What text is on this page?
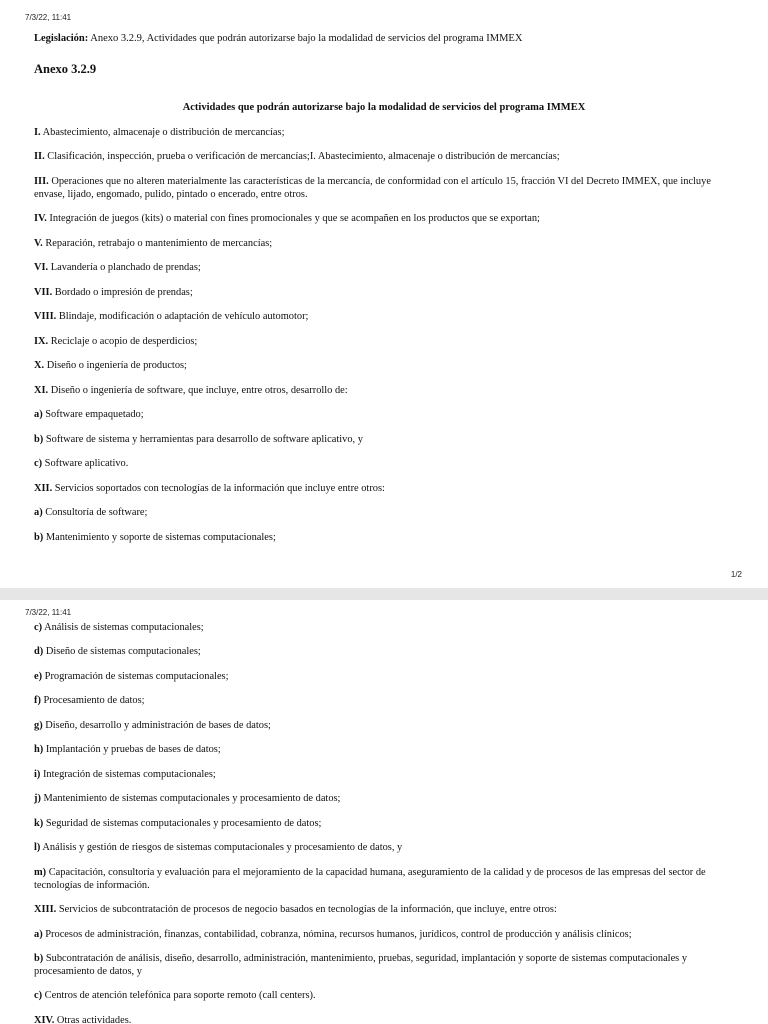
7/3/22, 11:41
Legislación: Anexo 3.2.9, Actividades que podrán autorizarse bajo la modalidad de servicios del programa IMMEX
Anexo 3.2.9
Actividades que podrán autorizarse bajo la modalidad de servicios del programa IMMEX

I. Abastecimiento, almacenaje o distribución de mercancías;

II. Clasificación, inspección, prueba o verificación de mercancías;I. Abastecimiento, almacenaje o distribución de mercancías;

III. Operaciones que no alteren materialmente las características de la mercancía, de conformidad con el artículo 15, fracción VI del Decreto IMMEX, que incluye envase, lijado, engomado, pulido, pintado o encerado, entre otros.

IV. Integración de juegos (kits) o material con fines promocionales y que se acompañen en los productos que se exportan;

V. Reparación, retrabajo o mantenimiento de mercancías;

VI. Lavandería o planchado de prendas;

VII. Bordado o impresión de prendas;

VIII. Blindaje, modificación o adaptación de vehículo automotor;

IX. Reciclaje o acopio de desperdicios;

X. Diseño o ingeniería de productos;

XI. Diseño o ingeniería de software, que incluye, entre otros, desarrollo de:

a) Software empaquetado;

b) Software de sistema y herramientas para desarrollo de software aplicativo, y

c) Software aplicativo.

XII. Servicios soportados con tecnologías de la información que incluye entre otros:

a) Consultoría de software;

b) Mantenimiento y soporte de sistemas computacionales;

1/2
7/3/22, 11:41

c) Análisis de sistemas computacionales;

d) Diseño de sistemas computacionales;

e) Programación de sistemas computacionales;

f) Procesamiento de datos;

g) Diseño, desarrollo y administración de bases de datos;

h) Implantación y pruebas de bases de datos;

i) Integración de sistemas computacionales;

j) Mantenimiento de sistemas computacionales y procesamiento de datos;

k) Seguridad de sistemas computacionales y procesamiento de datos;

l) Análisis y gestión de riesgos de sistemas computacionales y procesamiento de datos, y

m) Capacitación, consultoría y evaluación para el mejoramiento de la capacidad humana, aseguramiento de la calidad y de procesos de las empresas del sector de tecnologías de información.

XIII. Servicios de subcontratación de procesos de negocio basados en tecnologías de la información, que incluye, entre otros:

a) Procesos de administración, finanzas, contabilidad, cobranza, nómina, recursos humanos, jurídicos, control de producción y análisis clínicos;

b) Subcontratación de análisis, diseño, desarrollo, administración, mantenimiento, pruebas, seguridad, implantación y soporte de sistemas computacionales y procesamiento de datos, y

c) Centros de atención telefónica para soporte remoto (call centers).

XIV. Otras actividades.
